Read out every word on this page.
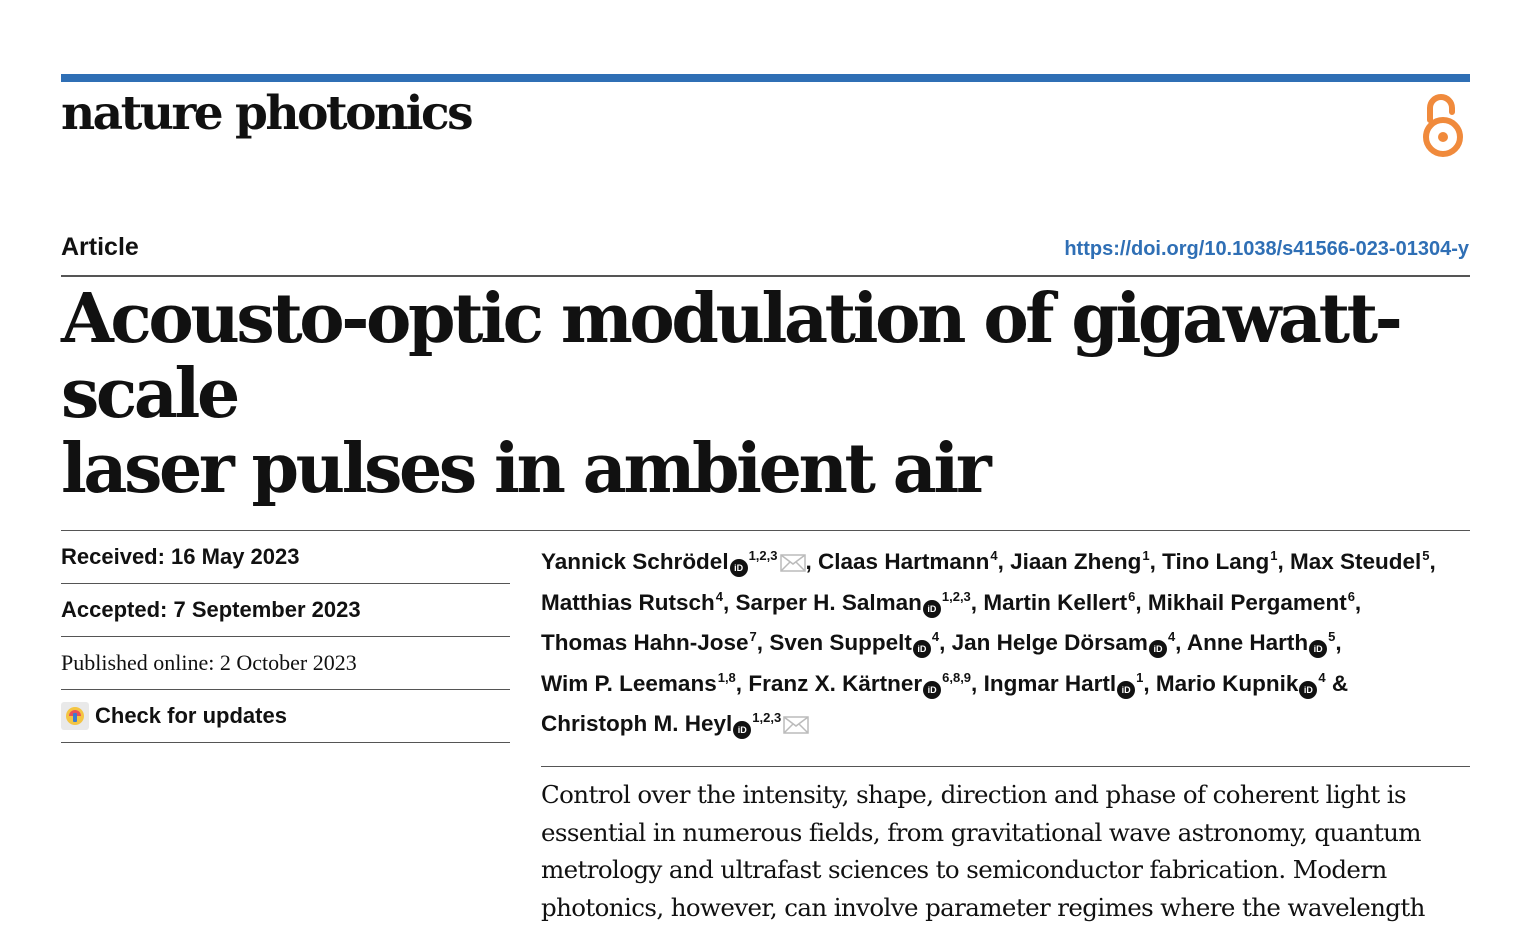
nature photonics
Article	https://doi.org/10.1038/s41566-023-01304-y
Acousto-optic modulation of gigawatt-scale
laser pulses in ambient air
Received: 16 May 2023
Accepted: 7 September 2023
Published online: 2 October 2023
Check for updates
Yannick Schrödel iD$^{1,2,3}$ , Claas Hartmann$^4$, Jiaan Zheng$^1$, Tino Lang$^1$, Max Steudel$^5$, Matthias Rutsch$^4$, Sarper H. Salman iD$^{1,2,3}$, Martin Kellert$^6$, Mikhail Pergament$^6$, Thomas Hahn-Jose$^7$, Sven Suppelt iD$^4$, Jan Helge Dörsam iD$^4$, Anne Harth iD$^5$, Wim P. Leemans$^{1,8}$, Franz X. Kärtner iD$^{6,8,9}$, Ingmar Hartl iD$^1$, Mario Kupnik iD$^4$ & Christoph M. Heyl iD$^{1,2,3}$
Control over the intensity, shape, direction and phase of coherent light is
essential in numerous fields, from gravitational wave astronomy, quantum
metrology and ultrafast sciences to semiconductor fabrication. Modern
photonics, however, can involve parameter regimes where the wavelength
